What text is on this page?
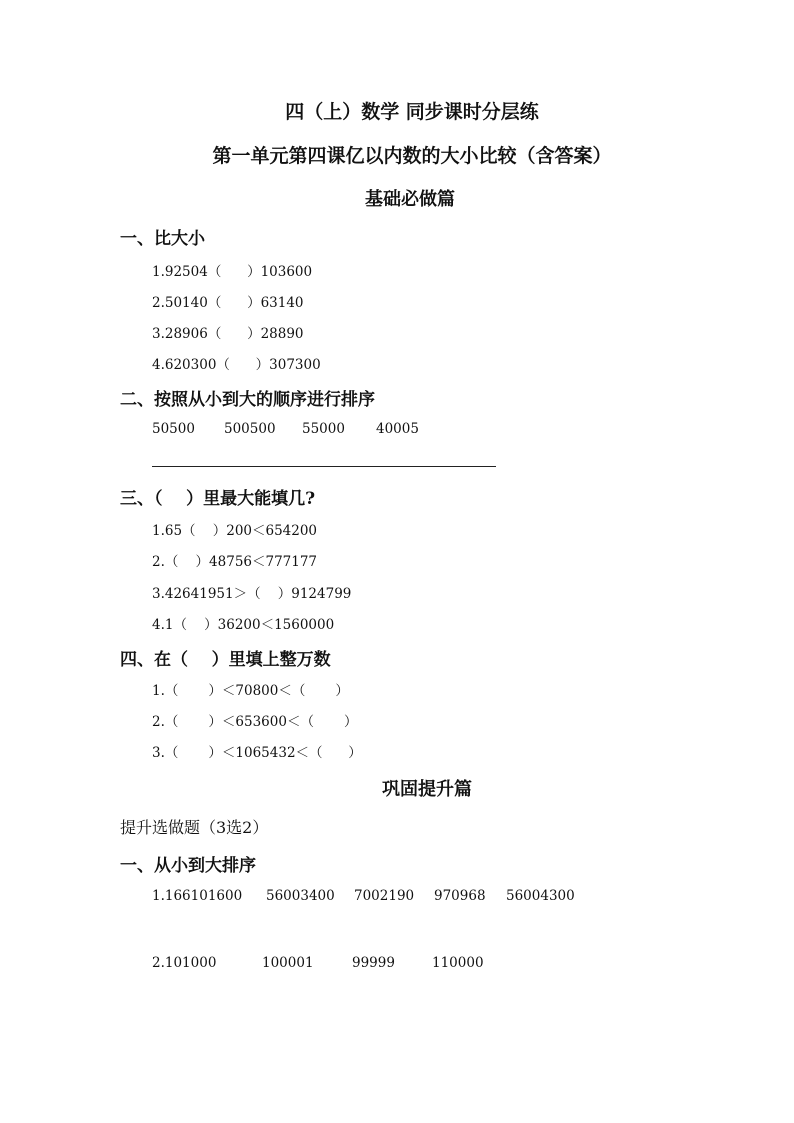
四（上）数学 同步课时分层练
第一单元第四课亿以内数的大小比较（含答案）
基础必做篇
一、比大小
1.92504（      ）103600
2.50140（      ）63140
3.28906（      ）28890
4.620300（      ）307300
二、按照从小到大的顺序进行排序

50500

500500

55000

40005

三、（    ）里最大能填几?
1.65（    ）200＜654200
2.（    ）48756＜777177
3.42641951＞（    ）9124799
4.1（    ）36200＜1560000
四、在（    ）里填上整万数
1.（       ）＜70800＜（       ）
2.（       ）＜653600＜（       ）
3.（       ）＜1065432＜（      ）
巩固提升篇
提升选做题（3选2）
一、从小到大排序

1.166101600

56003400

7002190

970968

56004300

2.101000

	100001

	99999

	110000
